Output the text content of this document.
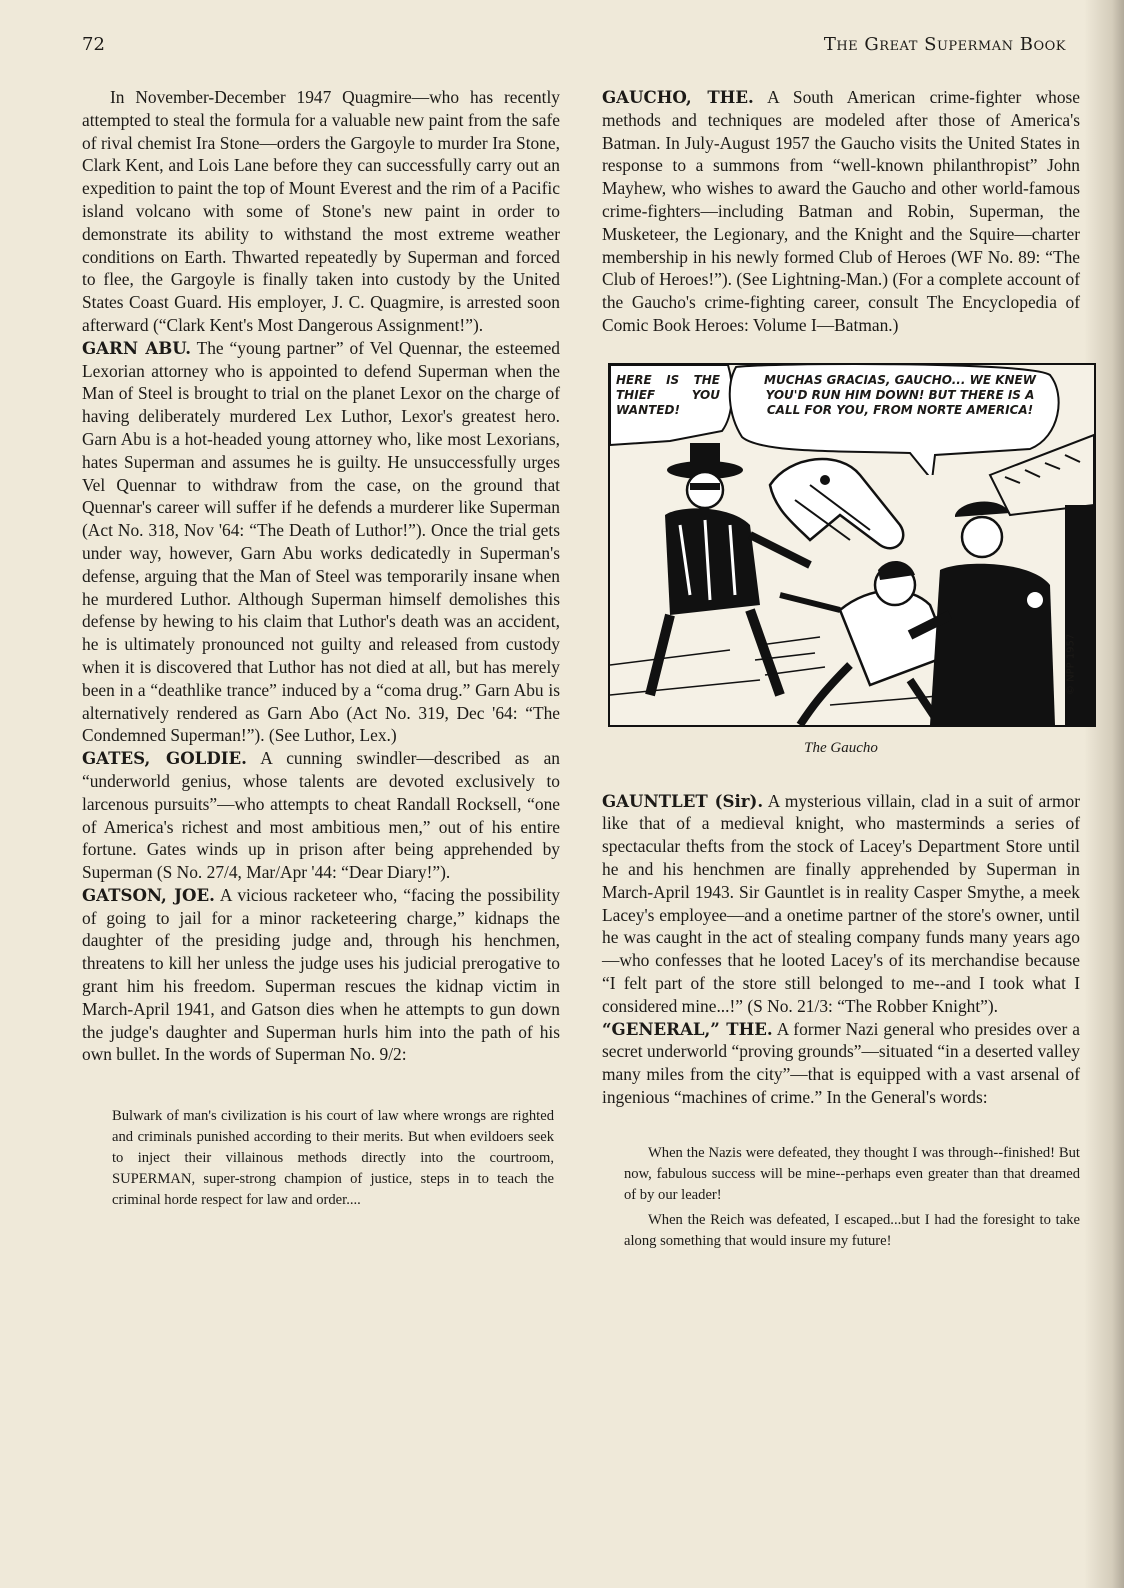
72	The Great Superman Book

In November-December 1947 Quagmire—who has recently attempted to steal the formula for a valuable new paint from the safe of rival chemist Ira Stone—orders the Gargoyle to murder Ira Stone, Clark Kent, and Lois Lane before they can successfully carry out an expedition to paint the top of Mount Everest and the rim of a Pacific island volcano with some of Stone's new paint in order to demonstrate its ability to withstand the most extreme weather conditions on Earth. Thwarted repeatedly by Superman and forced to flee, the Gargoyle is finally taken into custody by the United States Coast Guard. His employer, J. C. Quagmire, is arrested soon afterward (“Clark Kent's Most Dangerous Assignment!”).

GARN ABU. The “young partner” of Vel Quennar, the esteemed Lexorian attorney who is appointed to defend Superman when the Man of Steel is brought to trial on the planet Lexor on the charge of having deliberately murdered Lex Luthor, Lexor's greatest hero. Garn Abu is a hot-headed young attorney who, like most Lexorians, hates Superman and assumes he is guilty. He unsuccessfully urges Vel Quennar to withdraw from the case, on the ground that Quennar's career will suffer if he defends a murderer like Superman (Act No. 318, Nov '64: “The Death of Luthor!”). Once the trial gets under way, however, Garn Abu works dedicatedly in Superman's defense, arguing that the Man of Steel was temporarily insane when he murdered Luthor. Although Superman himself demolishes this defense by hewing to his claim that Luthor's death was an accident, he is ultimately pronounced not guilty and released from custody when it is discovered that Luthor has not died at all, but has merely been in a “deathlike trance” induced by a “coma drug.” Garn Abu is alternatively rendered as Garn Abo (Act No. 319, Dec '64: “The Condemned Superman!”). (See Luthor, Lex.)

GATES, GOLDIE. A cunning swindler—described as an “underworld genius, whose talents are devoted exclusively to larcenous pursuits”—who attempts to cheat Randall Rocksell, “one of America's richest and most ambitious men,” out of his entire fortune. Gates winds up in prison after being apprehended by Superman (S No. 27/4, Mar/Apr '44: “Dear Diary!”).

GATSON, JOE. A vicious racketeer who, “facing the possibility of going to jail for a minor racketeering charge,” kidnaps the daughter of the presiding judge and, through his henchmen, threatens to kill her unless the judge uses his judicial prerogative to grant him his freedom. Superman rescues the kidnap victim in March-April 1941, and Gatson dies when he attempts to gun down the judge's daughter and Superman hurls him into the path of his own bullet. In the words of Superman No. 9/2:

Bulwark of man's civilization is his court of law where wrongs are righted and criminals punished according to their merits. But when evildoers seek to inject their villainous methods directly into the courtroom, SUPERMAN, super-strong champion of justice, steps in to teach the criminal horde respect for law and order....

GAUCHO, THE. A South American crime-fighter whose methods and techniques are modeled after those of America's Batman. In July-August 1957 the Gaucho visits the United States in response to a summons from “well-known philanthropist” John Mayhew, who wishes to award the Gaucho and other world-famous crime-fighters—including Batman and Robin, Superman, the Musketeer, the Legionary, and the Knight and the Squire—charter membership in his newly formed Club of Heroes (WF No. 89: “The Club of Heroes!”). (See Lightning-Man.) (For a complete account of the Gaucho's crime-fighting career, consult The Encyclopedia of Comic Book Heroes: Volume I—Batman.)

HERE IS THE THIEF YOU WANTED!
MUCHAS GRACIAS, GAUCHO... WE KNEW YOU'D RUN HIM DOWN! BUT THERE IS A CALL FOR YOU, FROM NORTE AMERICA!
© NPP 1957
The Gaucho

GAUNTLET (Sir). A mysterious villain, clad in a suit of armor like that of a medieval knight, who masterminds a series of spectacular thefts from the stock of Lacey's Department Store until he and his henchmen are finally apprehended by Superman in March-April 1943. Sir Gauntlet is in reality Casper Smythe, a meek Lacey's employee—and a onetime partner of the store's owner, until he was caught in the act of stealing company funds many years ago—who confesses that he looted Lacey's of its merchandise because “I felt part of the store still belonged to me--and I took what I considered mine...!” (S No. 21/3: “The Robber Knight”).

“GENERAL,” THE. A former Nazi general who presides over a secret underworld “proving grounds”—situated “in a deserted valley many miles from the city”—that is equipped with a vast arsenal of ingenious “machines of crime.” In the General's words:

When the Nazis were defeated, they thought I was through--finished! But now, fabulous success will be mine--perhaps even greater than that dreamed of by our leader!

When the Reich was defeated, I escaped...but I had the foresight to take along something that would insure my future!
